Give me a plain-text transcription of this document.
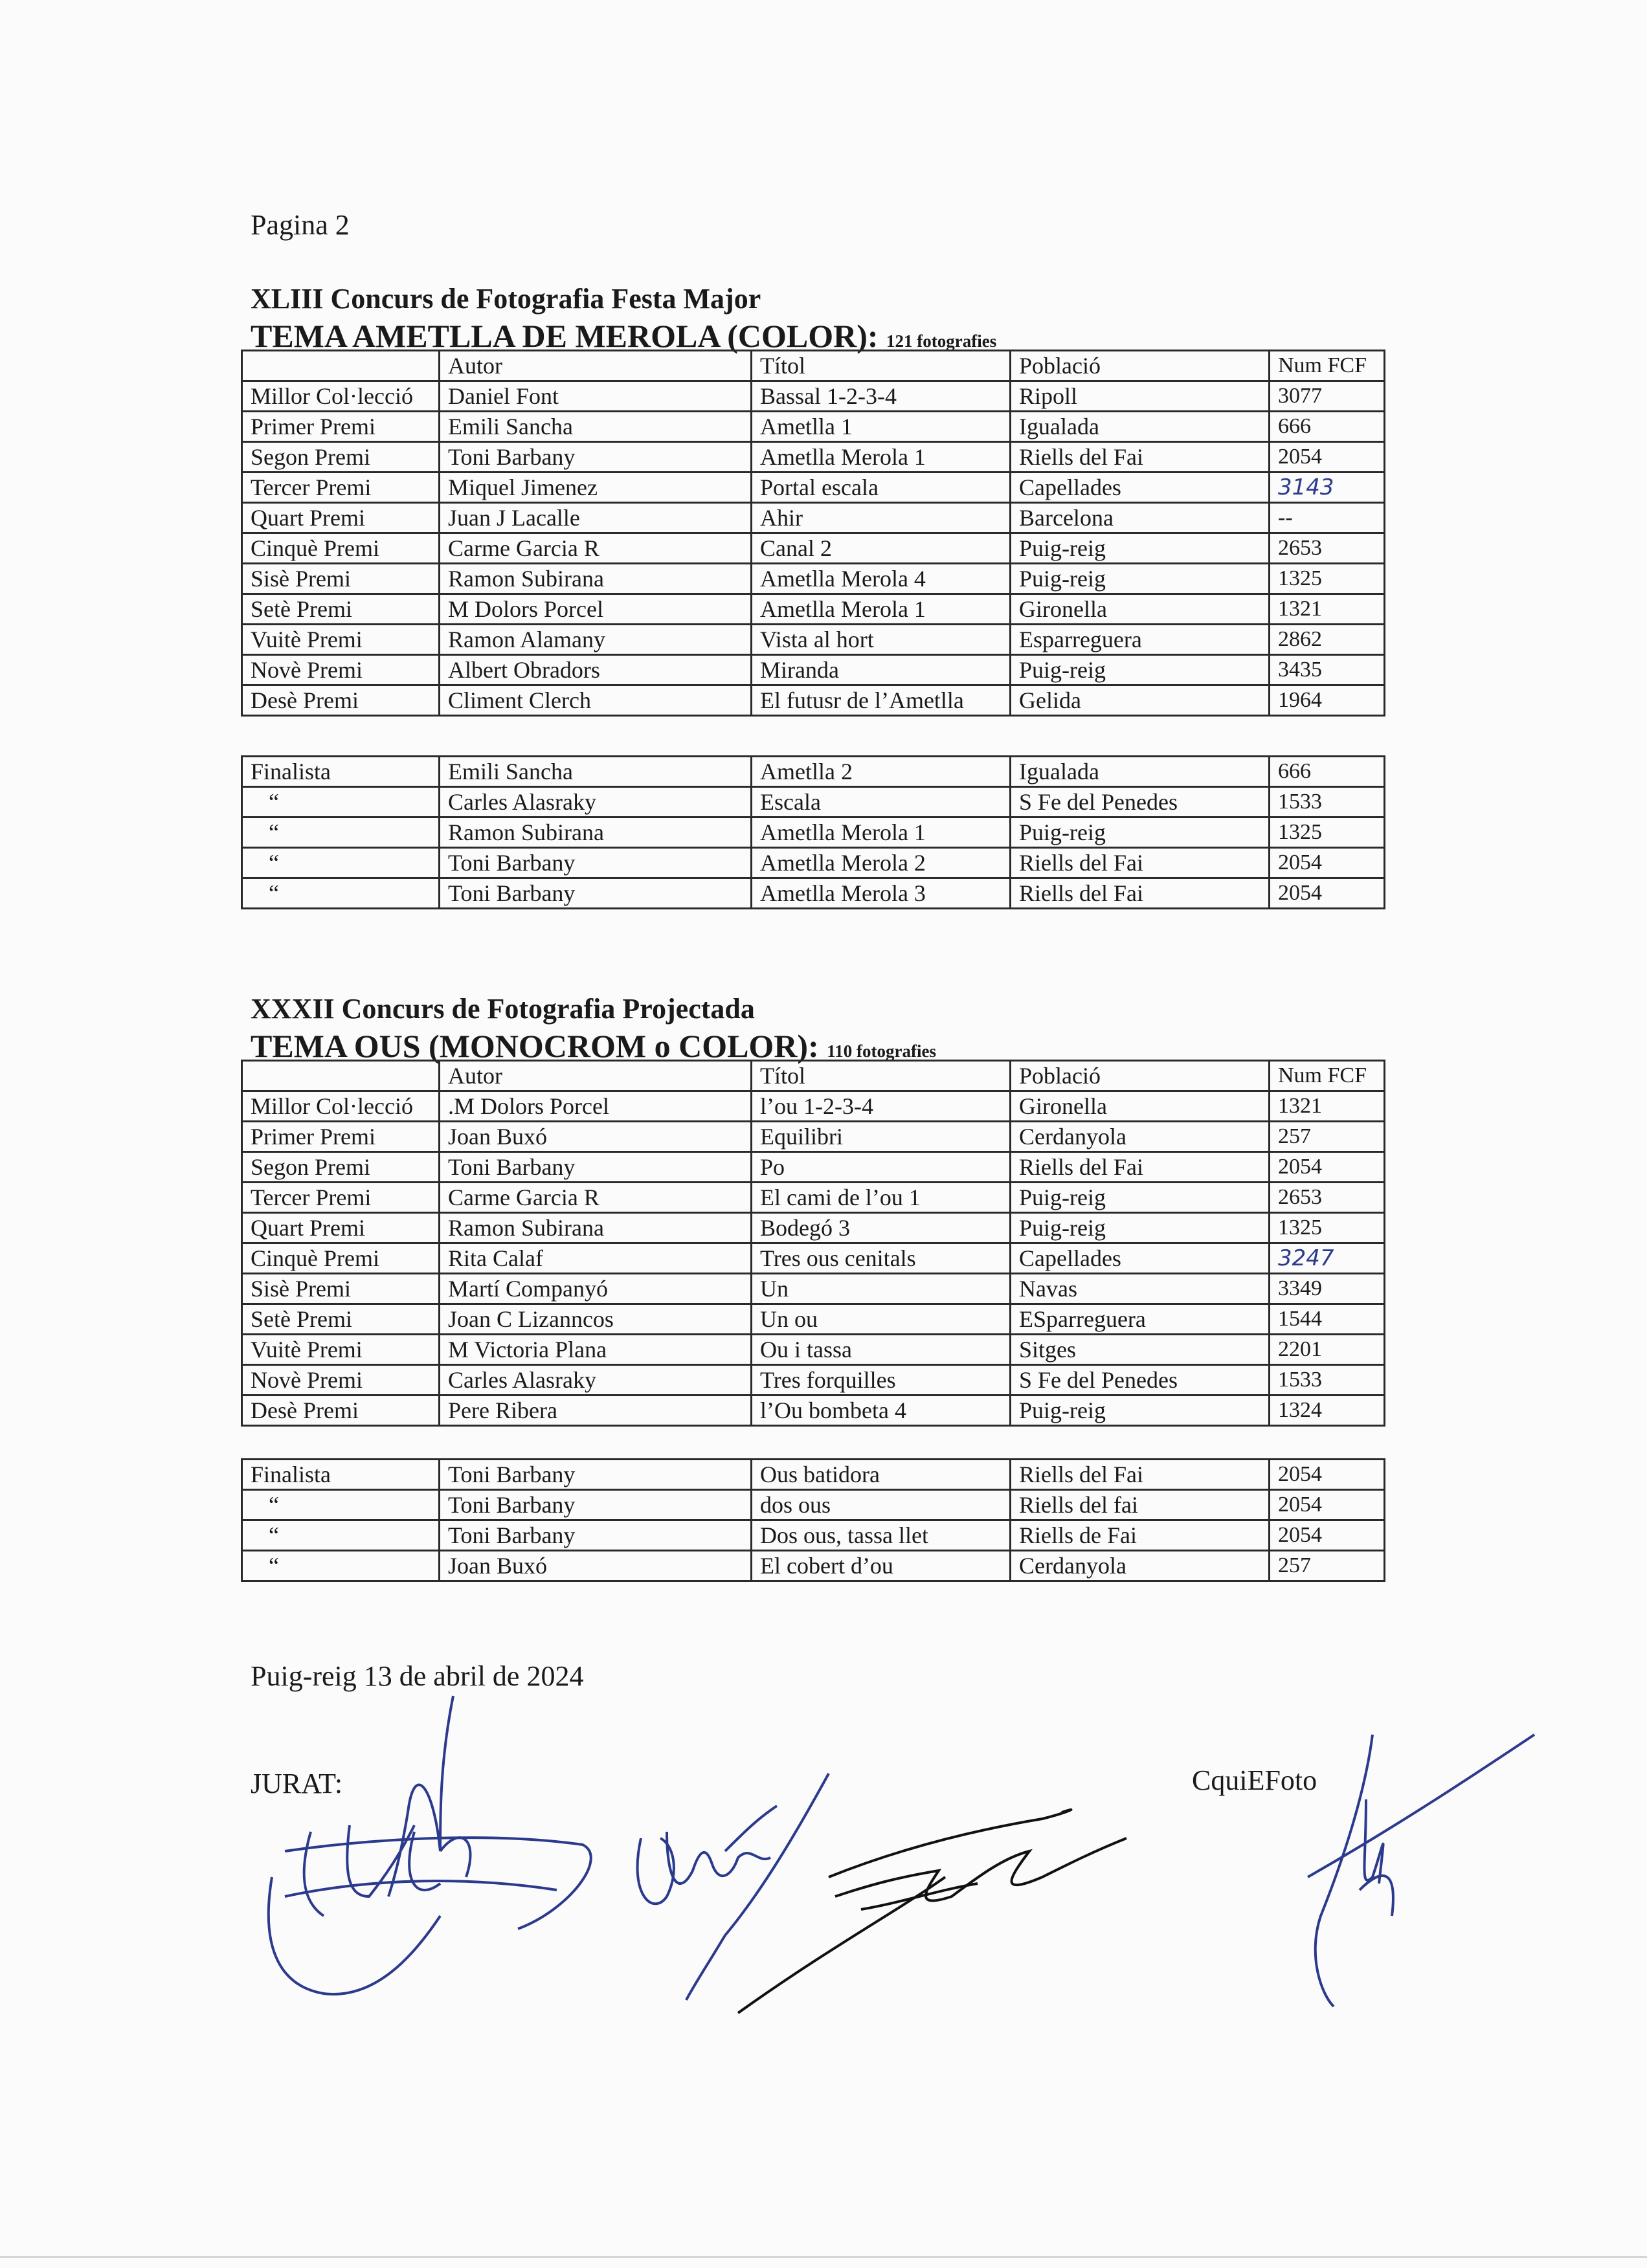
Pagina 2
XLIII Concurs de Fotografia Festa Major
TEMA AMETLLA DE MEROLA (COLOR): 121 fotografies
	Autor	Títol	Població	Num FCF
Millor Col·lecció	Daniel Font	Bassal 1-2-3-4	Ripoll	3077
Primer Premi	Emili Sancha	Ametlla 1	Igualada	666
Segon Premi	Toni Barbany	Ametlla Merola 1	Riells del Fai	2054
Tercer Premi	Miquel Jimenez	Portal escala	Capellades	3143
Quart Premi	Juan J Lacalle	Ahir	Barcelona	--
Cinquè Premi	Carme Garcia R	Canal 2	Puig-reig	2653
Sisè Premi	Ramon Subirana	Ametlla Merola 4	Puig-reig	1325
Setè Premi	M Dolors Porcel	Ametlla Merola 1	Gironella	1321
Vuitè Premi	Ramon Alamany	Vista al hort	Esparreguera	2862
Novè Premi	Albert Obradors	Miranda	Puig-reig	3435
Desè Premi	Climent Clerch	El futusr de l’Ametlla	Gelida	1964
Finalista	Emili Sancha	Ametlla 2	Igualada	666
“	Carles Alasraky	Escala	S Fe del Penedes	1533
“	Ramon Subirana	Ametlla Merola 1	Puig-reig	1325
“	Toni Barbany	Ametlla Merola 2	Riells del Fai	2054
“	Toni Barbany	Ametlla Merola 3	Riells del Fai	2054
XXXII Concurs de Fotografia Projectada
TEMA OUS (MONOCROM o COLOR): 110 fotografies
	Autor	Títol	Població	Num FCF
Millor Col·lecció	.M Dolors Porcel	l’ou 1-2-3-4	Gironella	1321
Primer Premi	Joan Buxó	Equilibri	Cerdanyola	257
Segon Premi	Toni Barbany	Po	Riells del Fai	2054
Tercer Premi	Carme Garcia R	El cami de l’ou 1	Puig-reig	2653
Quart Premi	Ramon Subirana	Bodegó 3	Puig-reig	1325
Cinquè Premi	Rita Calaf	Tres ous cenitals	Capellades	3247
Sisè Premi	Martí Companyó	Un	Navas	3349
Setè Premi	Joan C Lizanncos	Un ou	ESparreguera	1544
Vuitè Premi	M Victoria Plana	Ou i tassa	Sitges	2201
Novè Premi	Carles Alasraky	Tres forquilles	S Fe del Penedes	1533
Desè Premi	Pere Ribera	l’Ou bombeta 4	Puig-reig	1324
Finalista	Toni Barbany	Ous batidora	Riells del Fai	2054
“	Toni Barbany	dos ous	Riells del fai	2054
“	Toni Barbany	Dos ous, tassa llet	Riells de Fai	2054
“	Joan Buxó	El cobert d’ou	Cerdanyola	257
Puig-reig 13 de abril de 2024
JURAT:	CquiEFoto
